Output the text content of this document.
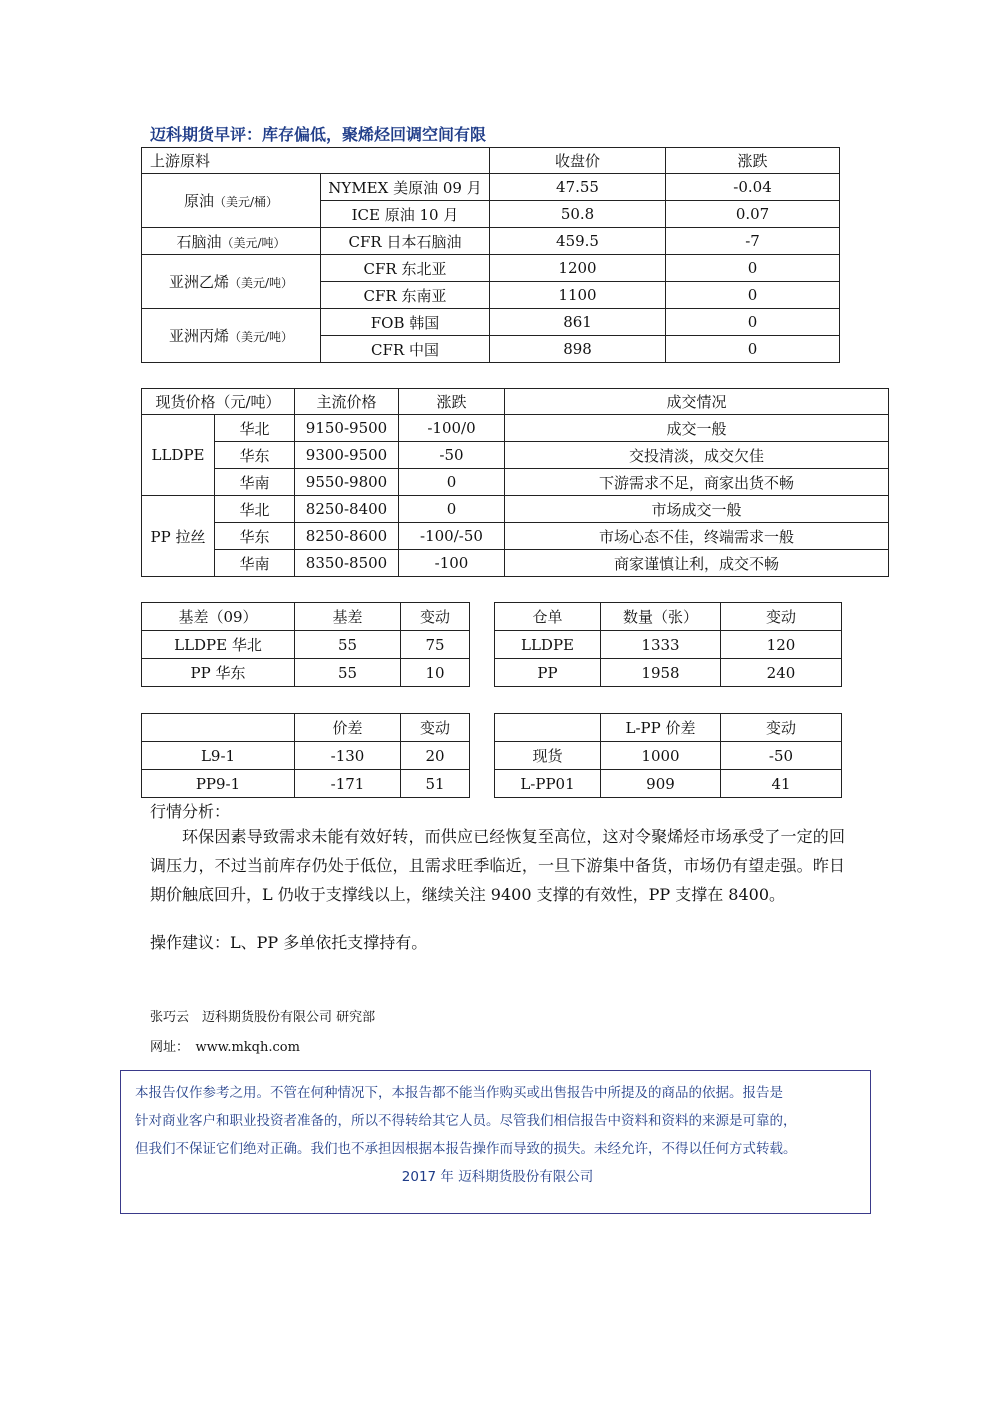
迈科期货早评：库存偏低，聚烯烃回调空间有限
上游原料		收盘价	涨跌
原油（美元/桶）	NYMEX 美原油 09 月	47.55	-0.04
	ICE 原油 10 月	50.8	0.07
石脑油（美元/吨）	CFR 日本石脑油	459.5	-7
亚洲乙烯（美元/吨）	CFR 东北亚	1200	0
	CFR 东南亚	1100	0
亚洲丙烯（美元/吨）	FOB 韩国	861	0
	CFR 中国	898	0
现货价格（元/吨）		主流价格	涨跌	成交情况
LLDPE	华北	9150-9500	-100/0	成交一般
	华东	9300-9500	-50	交投清淡，成交欠佳
	华南	9550-9800	0	下游需求不足，商家出货不畅
PP 拉丝	华北	8250-8400	0	市场成交一般
	华东	8250-8600	-100/-50	市场心态不佳，终端需求一般
	华南	8350-8500	-100	商家谨慎让利，成交不畅
基差（09）	基差	变动
LLDPE 华北	55	75
PP 华东	55	10
仓单	数量（张）	变动
LLDPE	1333	120
PP	1958	240
	价差	变动
L9-1	-130	20
PP9-1	-171	51
	L-PP 价差	变动
现货	1000	-50
L-PP01	909	41
行情分析：
环保因素导致需求未能有效好转，而供应已经恢复至高位，这对令聚烯烃市场承受了一定的回调压力，不过当前库存仍处于低位，且需求旺季临近，一旦下游集中备货，市场仍有望走强。昨日期价触底回升，L 仍收于支撑线以上，继续关注 9400 支撑的有效性，PP 支撑在 8400。
操作建议：L、PP 多单依托支撑持有。
张巧云　迈科期货股份有限公司 研究部
网址：　www.mkqh.com
本报告仅作参考之用。不管在何种情况下，本报告都不能当作购买或出售报告中所提及的商品的依据。报告是
针对商业客户和职业投资者准备的，所以不得转给其它人员。尽管我们相信报告中资料和资料的来源是可靠的，
但我们不保证它们绝对正确。我们也不承担因根据本报告操作而导致的损失。未经允许，不得以任何方式转载。
2017 年 迈科期货股份有限公司
